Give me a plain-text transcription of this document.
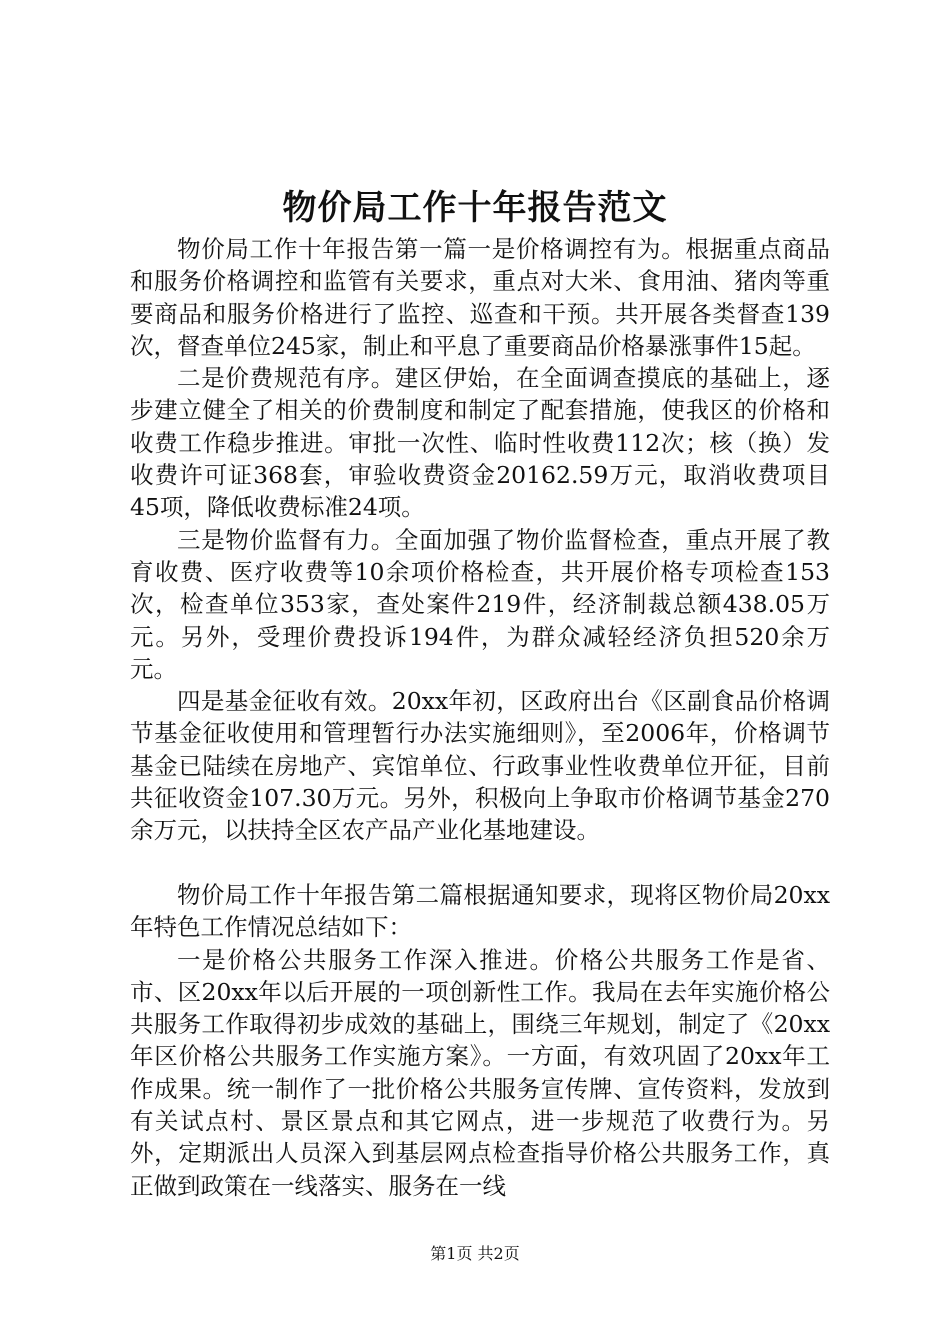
物价局工作十年报告范文

物价局工作十年报告第一篇一是价格调控有为。根据重点商品和服务价格调控和监管有关要求，重点对大米、食用油、猪肉等重要商品和服务价格进行了监控、巡查和干预。共开展各类督查139次，督查单位245家，制止和平息了重要商品价格暴涨事件15起。

二是价费规范有序。建区伊始，在全面调查摸底的基础上，逐步建立健全了相关的价费制度和制定了配套措施，使我区的价格和收费工作稳步推进。审批一次性、临时性收费112次；核（换）发收费许可证368套，审验收费资金20162.59万元，取消收费项目45项，降低收费标准24项。

三是物价监督有力。全面加强了物价监督检查，重点开展了教育收费、医疗收费等10余项价格检查，共开展价格专项检查153次，检查单位353家，查处案件219件，经济制裁总额438.05万元。另外，受理价费投诉194件，为群众减轻经济负担520余万元。

四是基金征收有效。20xx年初，区政府出台《区副食品价格调节基金征收使用和管理暂行办法实施细则》，至2006年，价格调节基金已陆续在房地产、宾馆单位、行政事业性收费单位开征，目前共征收资金107.30万元。另外，积极向上争取市价格调节基金270余万元，以扶持全区农产品产业化基地建设。

物价局工作十年报告第二篇根据通知要求，现将区物价局20xx年特色工作情况总结如下：

一是价格公共服务工作深入推进。价格公共服务工作是省、市、区20xx年以后开展的一项创新性工作。我局在去年实施价格公共服务工作取得初步成效的基础上，围绕三年规划，制定了《20xx年区价格公共服务工作实施方案》。一方面，有效巩固了20xx年工作成果。统一制作了一批价格公共服务宣传牌、宣传资料，发放到有关试点村、景区景点和其它网点，进一步规范了收费行为。另外，定期派出人员深入到基层网点检查指导价格公共服务工作，真正做到政策在一线落实、服务在一线

第1页 共2页
